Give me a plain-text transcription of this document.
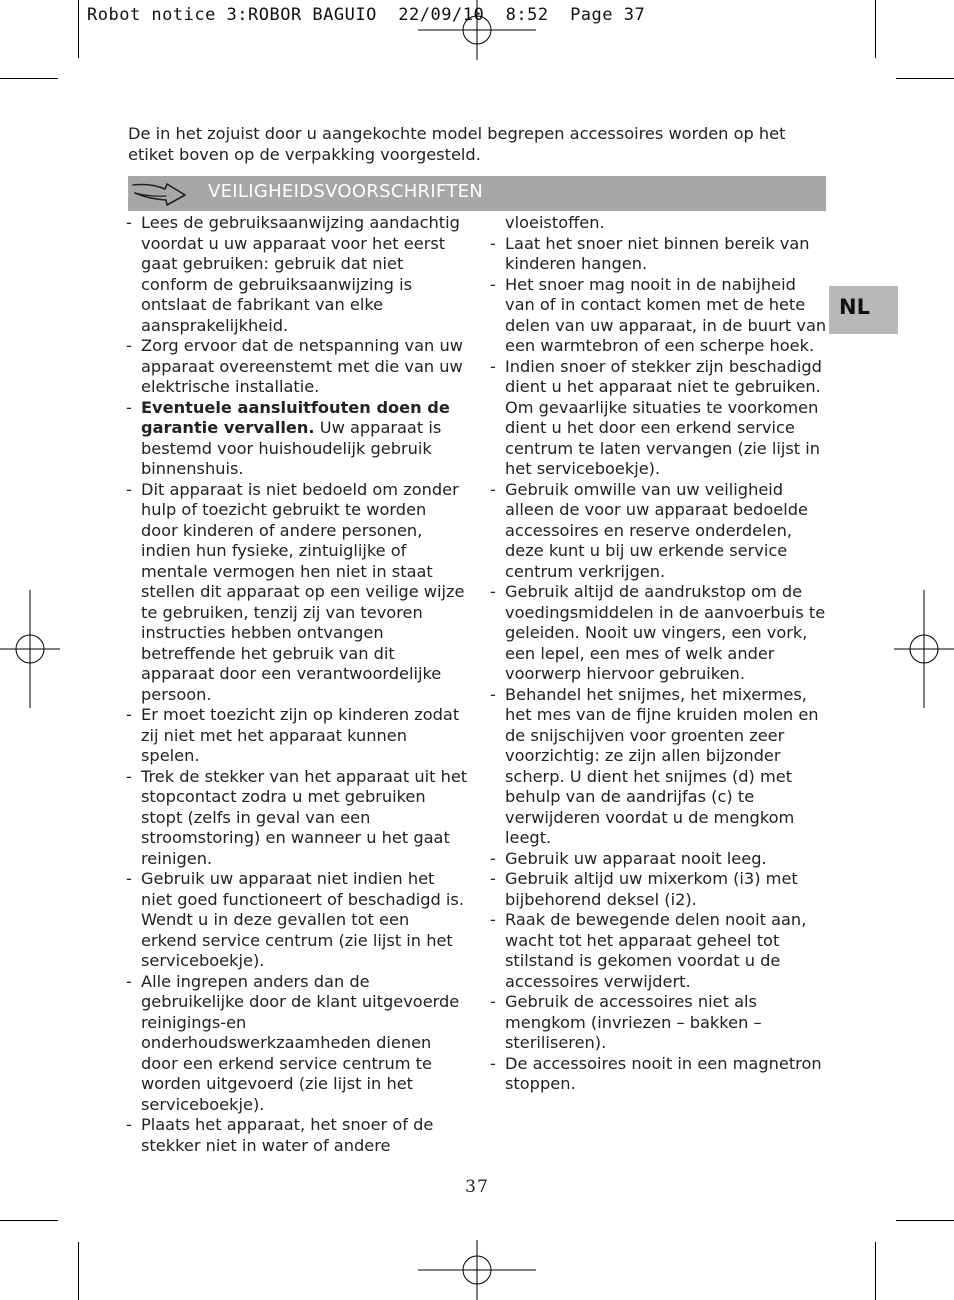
Robot notice 3:ROBOR BAGUIO  22/09/10  8:52  Page 37
De in het zojuist door u aangekochte model begrepen accessoires worden op het etiket boven op de verpakking voorgesteld.
VEILIGHEIDSVOORSCHRIFTEN
- Lees de gebruiksaanwijzing aandachtig voordat u uw apparaat voor het eerst gaat gebruiken: gebruik dat niet conform de gebruiksaanwijzing is ontslaat de fabrikant van elke aansprakelijkheid.
- Zorg ervoor dat de netspanning van uw apparaat overeenstemt met die van uw elektrische installatie.
- Eventuele aansluitfouten doen de garantie vervallen. Uw apparaat is bestemd voor huishoudelijk gebruik binnenshuis.
- Dit apparaat is niet bedoeld om zonder hulp of toezicht gebruikt te worden door kinderen of andere personen, indien hun fysieke, zintuiglijke of mentale vermogen hen niet in staat stellen dit apparaat op een veilige wijze te gebruiken, tenzij zij van tevoren instructies hebben ontvangen betreffende het gebruik van dit apparaat door een verantwoordelijke persoon.
- Er moet toezicht zijn op kinderen zodat zij niet met het apparaat kunnen spelen.
- Trek de stekker van het apparaat uit het stopcontact zodra u met gebruiken stopt (zelfs in geval van een stroomstoring) en wanneer u het gaat reinigen.
- Gebruik uw apparaat niet indien het niet goed functioneert of beschadigd is. Wendt u in deze gevallen tot een erkend service centrum (zie lijst in het serviceboekje).
- Alle ingrepen anders dan de gebruikelijke door de klant uitgevoerde reinigings-en onderhoudswerkzaamheden dienen door een erkend service centrum te worden uitgevoerd (zie lijst in het serviceboekje).
- Plaats het apparaat, het snoer of de stekker niet in water of andere
vloeistoffen.
- Laat het snoer niet binnen bereik van kinderen hangen.
- Het snoer mag nooit in de nabijheid van of in contact komen met de hete delen van uw apparaat, in de buurt van een warmtebron of een scherpe hoek.
- Indien snoer of stekker zijn beschadigd dient u het apparaat niet te gebruiken. Om gevaarlijke situaties te voorkomen dient u het door een erkend service centrum te laten vervangen (zie lijst in het serviceboekje).
- Gebruik omwille van uw veiligheid alleen de voor uw apparaat bedoelde accessoires en reserve onderdelen, deze kunt u bij uw erkende service centrum verkrijgen.
- Gebruik altijd de aandrukstop om de voedingsmiddelen in de aanvoerbuis te geleiden. Nooit uw vingers, een vork, een lepel, een mes of welk ander voorwerp hiervoor gebruiken.
- Behandel het snijmes, het mixermes, het mes van de fijne kruiden molen en de snijschijven voor groenten zeer voorzichtig: ze zijn allen bijzonder scherp. U dient het snijmes (d) met behulp van de aandrijfas (c) te verwijderen voordat u de mengkom leegt.
- Gebruik uw apparaat nooit leeg.
- Gebruik altijd uw mixerkom (i3) met bijbehorend deksel (i2).
- Raak de bewegende delen nooit aan, wacht tot het apparaat geheel tot stilstand is gekomen voordat u de accessoires verwijdert.
- Gebruik de accessoires niet als mengkom (invriezen – bakken – steriliseren).
- De accessoires nooit in een magnetron stoppen.
NL
37
